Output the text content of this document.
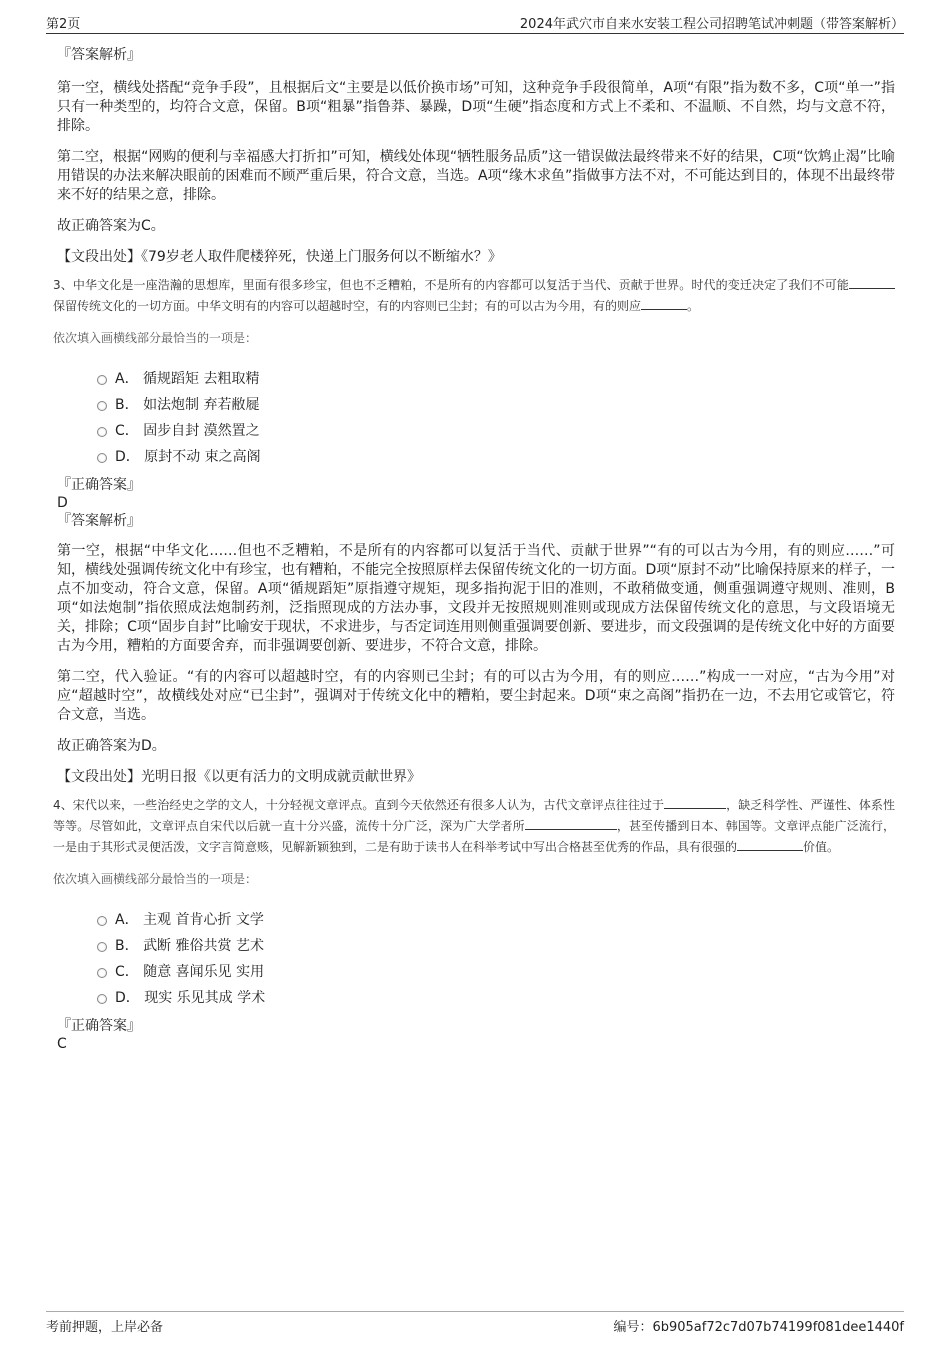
第2页	2024年武穴市自来水安装工程公司招聘笔试冲刺题（带答案解析）
『答案解析』

第一空，横线处搭配“竞争手段”，且根据后文“主要是以低价换市场”可知，这种竞争手段很简单，A项“有限”指为数不多，C项“单一”指只有一种类型的，均符合文意，保留。B项“粗暴”指鲁莽、暴躁，D项“生硬”指态度和方式上不柔和、不温顺、不自然，均与文意不符，排除。

第二空，根据“网购的便利与幸福感大打折扣”可知，横线处体现“牺牲服务品质”这一错误做法最终带来不好的结果，C项“饮鸩止渴”比喻用错误的办法来解决眼前的困难而不顾严重后果，符合文意，当选。A项“缘木求鱼”指做事方法不对，不可能达到目的，体现不出最终带来不好的结果之意，排除。

故正确答案为C。

【文段出处】《79岁老人取件爬楼猝死，快递上门服务何以不断缩水？》

3、中华文化是一座浩瀚的思想库，里面有很多珍宝，但也不乏糟粕，不是所有的内容都可以复活于当代、贡献于世界。时代的变迁决定了我们不可能保留传统文化的一切方面。中华文明有的内容可以超越时空，有的内容则已尘封；有的可以古为今用，有的则应	。

依次填入画横线部分最恰当的一项是：
A． 循规蹈矩 去粗取精
B． 如法炮制 弃若敝屣
C． 固步自封 漠然置之
D． 原封不动 束之高阁
『正确答案』
D
『答案解析』

第一空，根据“中华文化……但也不乏糟粕，不是所有的内容都可以复活于当代、贡献于世界”“有的可以古为今用，有的则应……”可知，横线处强调传统文化中有珍宝，也有糟粕，不能完全按照原样去保留传统文化的一切方面。D项“原封不动”比喻保持原来的样子，一点不加变动，符合文意，保留。A项“循规蹈矩”原指遵守规矩，现多指拘泥于旧的准则，不敢稍做变通，侧重强调遵守规则、准则，B项“如法炮制”指依照成法炮制药剂，泛指照现成的方法办事，文段并无按照规则准则或现成方法保留传统文化的意思，与文段语境无关，排除；C项“固步自封”比喻安于现状，不求进步，与否定词连用则侧重强调要创新、要进步，而文段强调的是传统文化中好的方面要古为今用，糟粕的方面要舍弃，而非强调要创新、要进步，不符合文意，排除。

第二空，代入验证。“有的内容可以超越时空，有的内容则已尘封；有的可以古为今用，有的则应……”构成一一对应，“古为今用”对应“超越时空”，故横线处对应“已尘封”，强调对于传统文化中的糟粕，要尘封起来。D项“束之高阁”指扔在一边，不去用它或管它，符合文意，当选。

故正确答案为D。

【文段出处】光明日报《以更有活力的文明成就贡献世界》

4、宋代以来，一些治经史之学的文人，十分轻视文章评点。直到今天依然还有很多人认为，古代文章评点往往过于	，缺乏科学性、严谨性、体系性等等。尽管如此，文章评点自宋代以后就一直十分兴盛，流传十分广泛，深为广大学者所	，甚至传播到日本、韩国等。文章评点能广泛流行，一是由于其形式灵便活泼，文字言简意赅，见解新颖独到，二是有助于读书人在科举考试中写出合格甚至优秀的作品，具有很强的	价值。

依次填入画横线部分最恰当的一项是：
A． 主观 首肯心折 文学
B． 武断 雅俗共赏 艺术
C． 随意 喜闻乐见 实用
D． 现实 乐见其成 学术
『正确答案』
C
考前押题，上岸必备	编号：6b905af72c7d07b74199f081dee1440f
